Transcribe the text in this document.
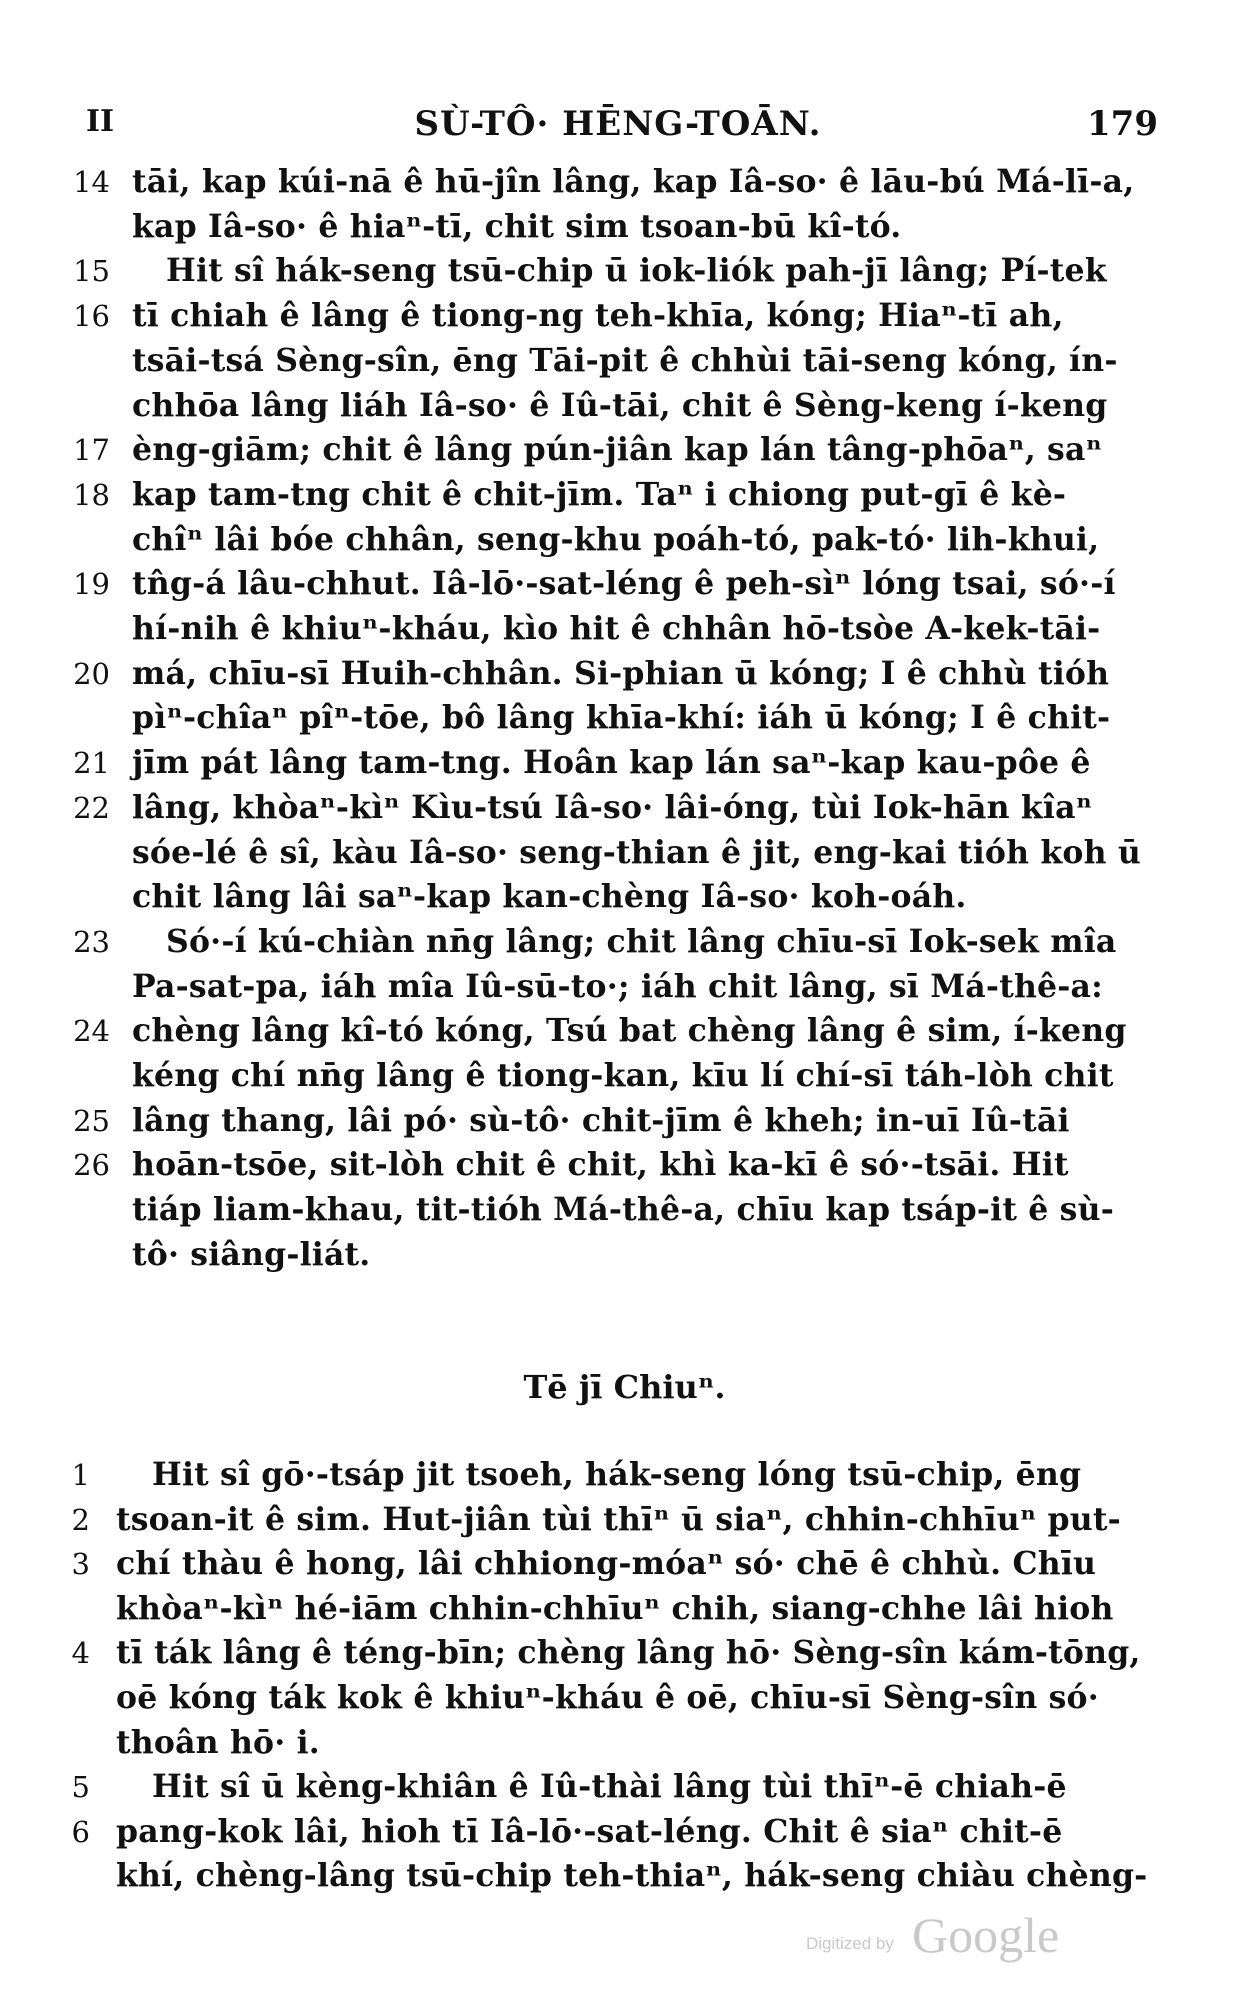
II	SÙ-TÔ· HĒNG-TOĀN.	179
14 tāi, kap kúi-nā ê hū-jîn lâng, kap Iâ-so· ê lāu-bú Má-lī-a,
kap Iâ-so· ê hiaⁿ-tī, chit sim tsoan-bū kî-tó.
15 Hit sî hák-seng tsū-chip ū iok-liók pah-jī lâng; Pí-tek
16 tī chiah ê lâng ê tiong-ng teh-khīa, kóng; Hiaⁿ-tī ah,
tsāi-tsá Sèng-sîn, ēng Tāi-pit ê chhùi tāi-seng kóng, ín-
chhōa lâng liáh Iâ-so· ê Iû-tāi, chit ê Sèng-keng í-keng
17 èng-giām; chit ê lâng pún-jiân kap lán tâng-phōaⁿ, saⁿ
18 kap tam-tng chit ê chit-jīm. Taⁿ i chiong put-gī ê kè-
chîⁿ lâi bóe chhân, seng-khu poáh-tó, pak-tó· lih-khui,
19 tn̂g-á lâu-chhut. Iâ-lō·-sat-léng ê peh-sìⁿ lóng tsai, só·-í
hí-nih ê khiuⁿ-kháu, kìo hit ê chhân hō-tsòe A-kek-tāi-
20 má, chīu-sī Huih-chhân. Si-phian ū kóng; I ê chhù tióh
pìⁿ-chîaⁿ pîⁿ-tōe, bô lâng khīa-khí: iáh ū kóng; I ê chit-
21 jīm pát lâng tam-tng. Hoân kap lán saⁿ-kap kau-pôe ê
22 lâng, khòaⁿ-kìⁿ Kìu-tsú Iâ-so· lâi-óng, tùi Iok-hān kîaⁿ
sóe-lé ê sî, kàu Iâ-so· seng-thian ê jit, eng-kai tióh koh ū
chit lâng lâi saⁿ-kap kan-chèng Iâ-so· koh-oáh.
23 Só·-í kú-chiàn nn̄g lâng; chit lâng chīu-sī Iok-sek mîa
Pa-sat-pa, iáh mîa Iû-sū-to·; iáh chit lâng, sī Má-thê-a:
24 chèng lâng kî-tó kóng, Tsú bat chèng lâng ê sim, í-keng
kéng chí nn̄g lâng ê tiong-kan, kīu lí chí-sī táh-lòh chit
25 lâng thang, lâi pó· sù-tô· chit-jīm ê kheh; in-uī Iû-tāi
26 hoān-tsōe, sit-lòh chit ê chit, khì ka-kī ê só·-tsāi. Hit
tiáp liam-khau, tit-tióh Má-thê-a, chīu kap tsáp-it ê sù-
tô· siâng-liát.
Tē jī Chiuⁿ.
1 Hit sî gō·-tsáp jit tsoeh, hák-seng lóng tsū-chip, ēng
2 tsoan-it ê sim. Hut-jiân tùi thīⁿ ū siaⁿ, chhin-chhīuⁿ put-
3 chí thàu ê hong, lâi chhiong-móaⁿ só· chē ê chhù. Chīu
khòaⁿ-kìⁿ hé-iām chhin-chhīuⁿ chih, siang-chhe lâi hioh
4 tī ták lâng ê téng-bīn; chèng lâng hō· Sèng-sîn kám-tōng,
oē kóng ták kok ê khiuⁿ-kháu ê oē, chīu-sī Sèng-sîn só·
thoân hō· i.
5 Hit sî ū kèng-khiân ê Iû-thài lâng tùi thīⁿ-ē chiah-ē
6 pang-kok lâi, hioh tī Iâ-lō·-sat-léng. Chit ê siaⁿ chit-ē
khí, chèng-lâng tsū-chip teh-thiaⁿ, hák-seng chiàu chèng-
Digitized by Google
